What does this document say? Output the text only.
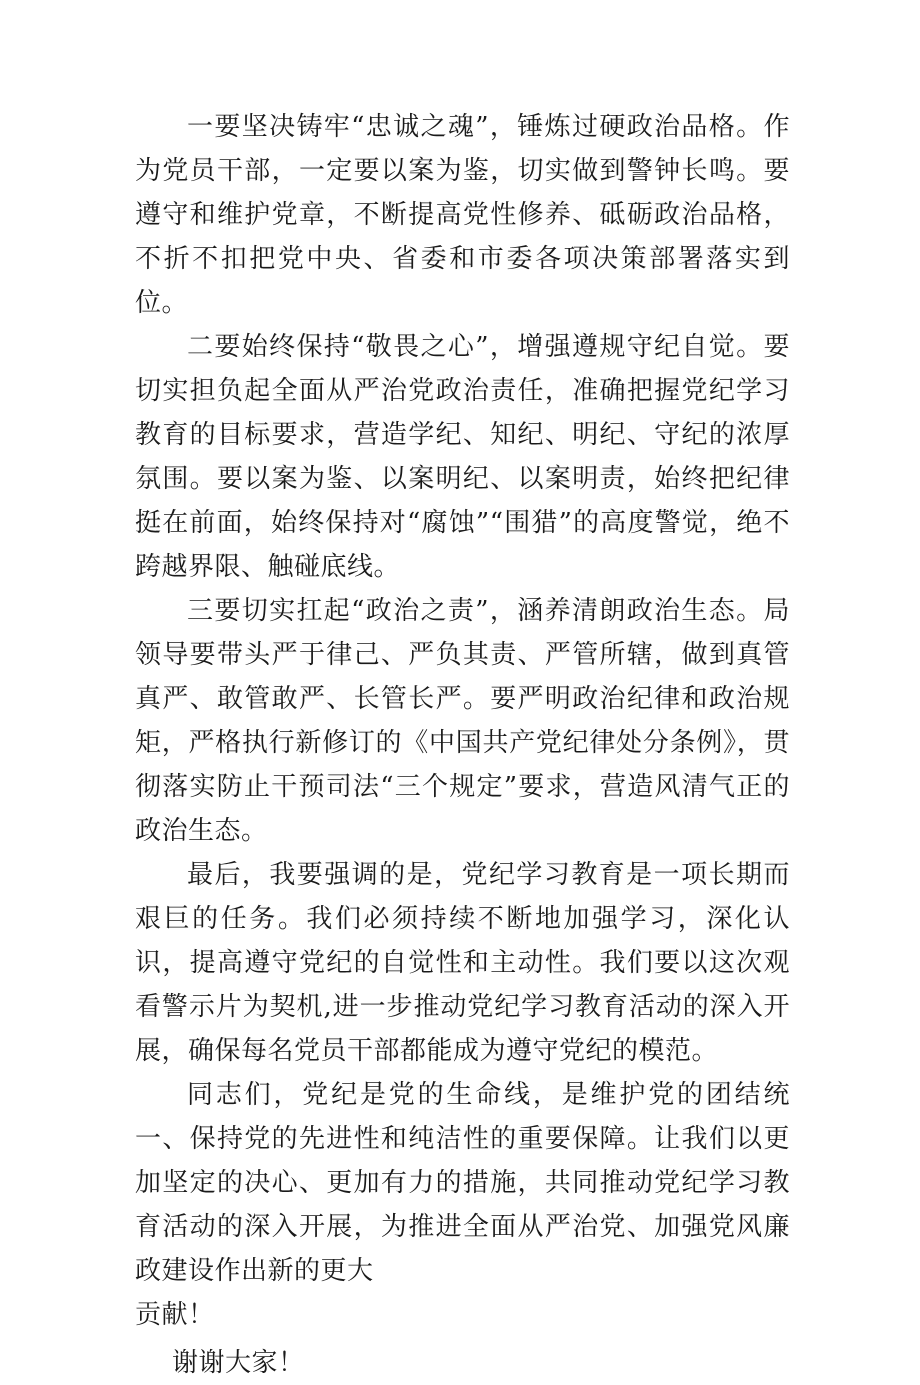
一要坚决铸牢“忠诚之魂”，锤炼过硬政治品格。作为党员干部，一定要以案为鉴，切实做到警钟长鸣。要遵守和维护党章，不断提高党性修养、砥砺政治品格，不折不扣把党中央、省委和市委各项决策部署落实到位。

二要始终保持“敬畏之心”，增强遵规守纪自觉。要切实担负起全面从严治党政治责任，准确把握党纪学习教育的目标要求，营造学纪、知纪、明纪、守纪的浓厚氛围。要以案为鉴、以案明纪、以案明责，始终把纪律挺在前面，始终保持对“腐蚀”“围猎”的高度警觉，绝不跨越界限、触碰底线。

三要切实扛起“政治之责”，涵养清朗政治生态。局领导要带头严于律己、严负其责、严管所辖，做到真管真严、敢管敢严、长管长严。要严明政治纪律和政治规矩，严格执行新修订的《中国共产党纪律处分条例》，贯彻落实防止干预司法“三个规定”要求，营造风清气正的政治生态。

最后，我要强调的是，党纪学习教育是一项长期而艰巨的任务。我们必须持续不断地加强学习，深化认识，提高遵守党纪的自觉性和主动性。我们要以这次观看警示片为契机,进一步推动党纪学习教育活动的深入开展，确保每名党员干部都能成为遵守党纪的模范。

同志们，党纪是党的生命线，是维护党的团结统一、保持党的先进性和纯洁性的重要保障。让我们以更加坚定的决心、更加有力的措施，共同推动党纪学习教育活动的深入开展，为推进全面从严治党、加强党风廉政建设作出新的更大

贡献！

谢谢大家！
